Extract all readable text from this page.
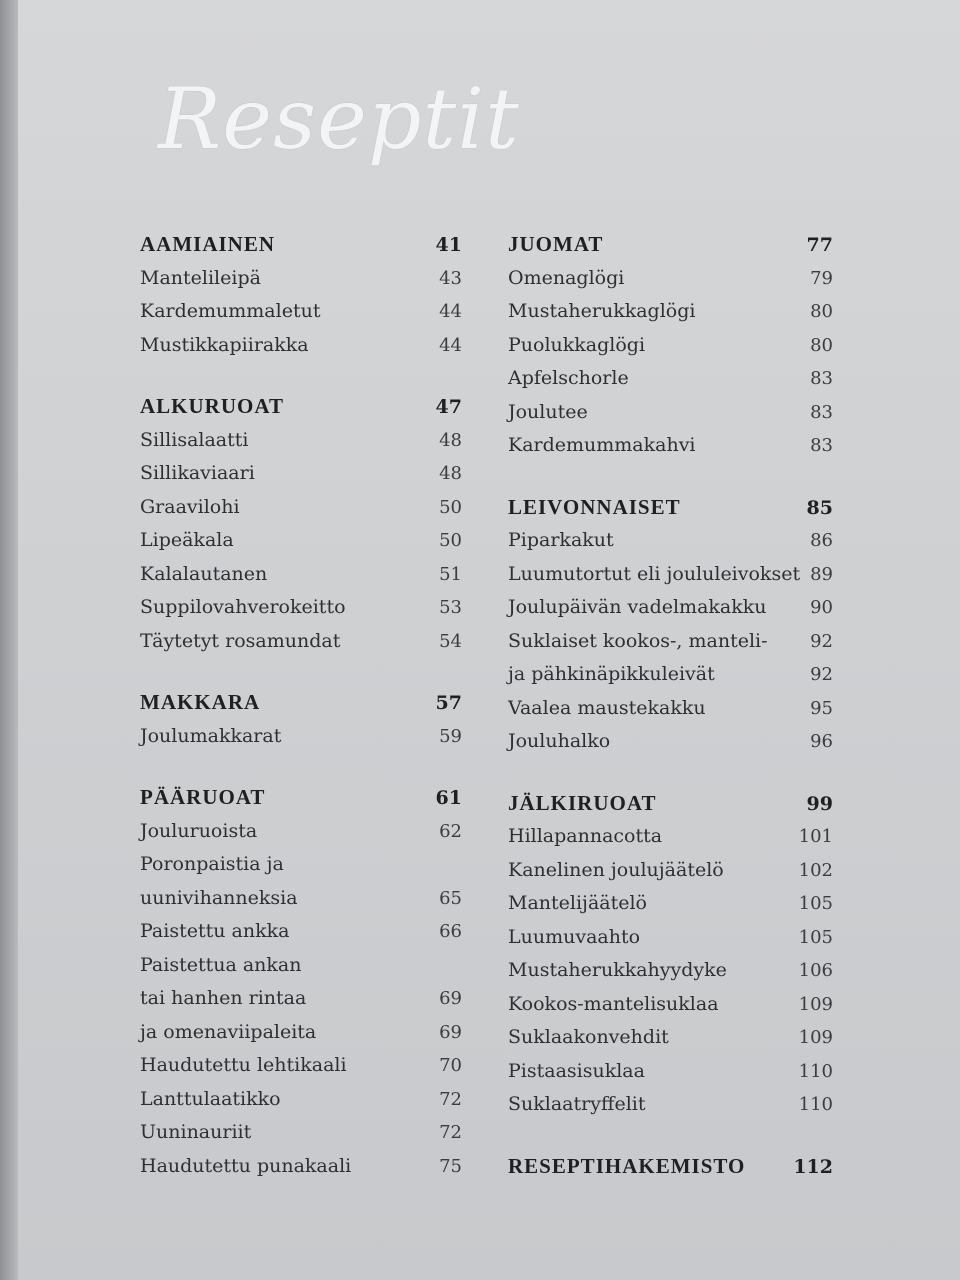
Reseptit
AAMIAINEN	41
Mantelileipä	43
Kardemummaletut	44
Mustikkapiirakka	44
ALKURUOAT	47
Sillisalaatti	48
Sillikaviaari	48
Graavilohi	50
Lipeäkala	50
Kalalautanen	51
Suppilovahverokeitto	53
Täytetyt rosamundat	54
MAKKARA	57
Joulumakkarat	59
PÄÄRUOAT	61
Jouluruoista	62
Poronpaistia ja
uunivihanneksia	65
Paistettu ankka	66
Paistettua ankan
tai hanhen rintaa	69
ja omenaviipaleita	69
Haudutettu lehtikaali	70
Lanttulaatikko	72
Uuninauriit	72
Haudutettu punakaali	75
JUOMAT	77
Omenaglögi	79
Mustaherukkaglögi	80
Puolukkaglögi	80
Apfelschorle	83
Joulutee	83
Kardemummakahvi	83
LEIVONNAISET	85
Piparkakut	86
Luumutortut eli joululeivokset 89
Joulupäivän vadelmakakku 90
Suklaiset kookos-, manteli- 92
ja pähkinäpikkuleivät	92
Vaalea maustekakku	95
Jouluhalko	96
JÄLKIRUOAT	99
Hillapannacotta	101
Kanelinen joulujäätelö	102
Mantelijäätelö	105
Luumuvaahto	105
Mustaherukkahyydyke	106
Kookos-mantelisuklaa	109
Suklaakonvehdit	109
Pistaasisuklaa	110
Suklaatryffelit	110
RESEPTIHAKEMISTO	112
